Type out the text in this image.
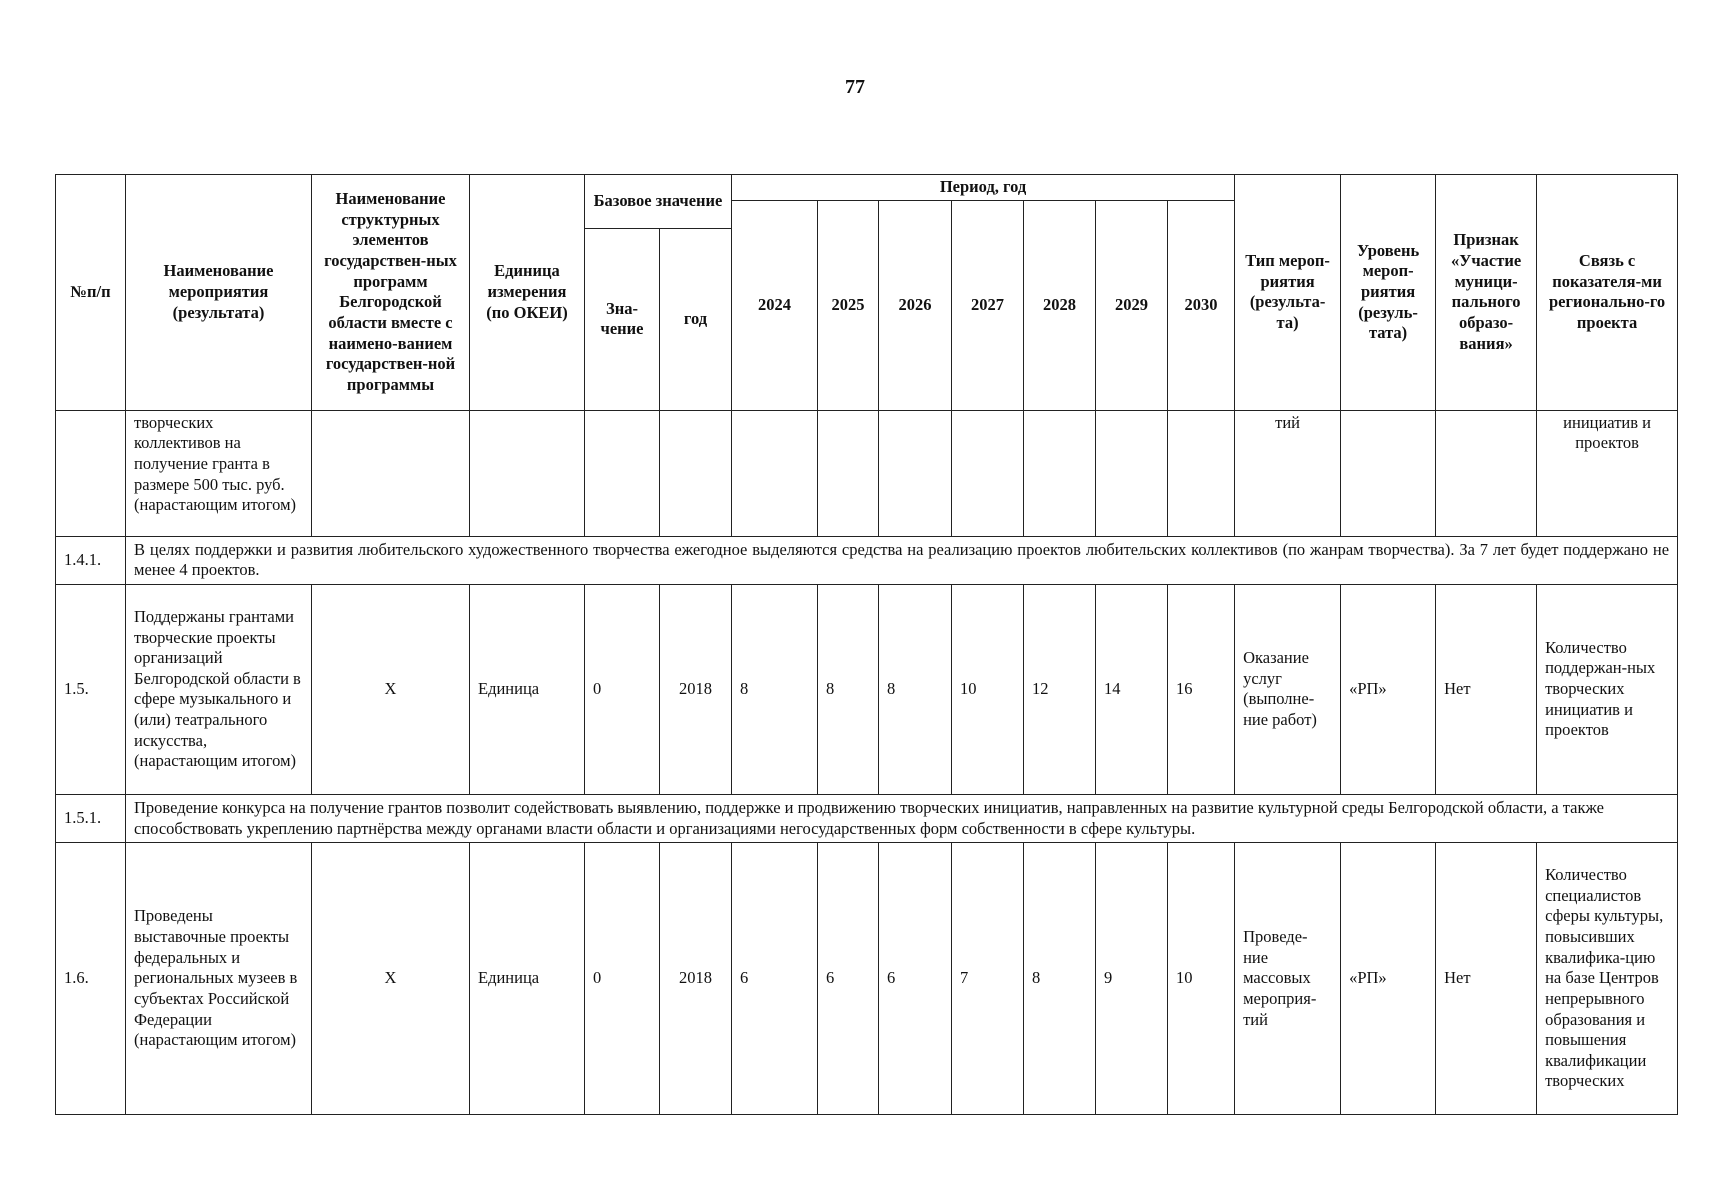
77
№п/п	Наименование мероприятия (результата)	Наименование структурных элементов государствен-ных программ Белгородской области вместе с наимено-ванием государствен-ной программы	Единица измерения (по ОКЕИ)	Базовое значение		Период, год							Тип мероп-риятия (результа-та)	Уровень мероп-риятия (резуль-тата)	Признак «Участие муници-пального образо-вания»	Связь с показателя-ми регионально-го проекта
						2024	2025	2026	2027	2028	2029	2030				
				Зна-чение	год											
	творческих коллективов на получение гранта в размере 500 тыс. руб. (нарастающим итогом)												тий			инициатив и проектов
1.4.1.	В целях поддержки и развития любительского художественного творчества ежегодное выделяются средства на реализацию проектов любительских коллективов (по жанрам творчества). За 7 лет будет поддержано не менее 4 проектов.															
1.5.	Поддержаны грантами творческие проекты организаций Белгородской области в сфере музыкального и (или) театрального искусства, (нарастающим итогом)	Х	Единица	0	2018	8	8	8	10	12	14	16	Оказание услуг (выполне-ние работ)	«РП»	Нет	Количество поддержан-ных творческих инициатив и проектов
1.5.1.	Проведение конкурса на получение грантов позволит содействовать выявлению, поддержке и продвижению творческих инициатив, направленных на развитие культурной среды Белгородской области, а также способствовать укреплению партнёрства между органами власти области и организациями негосударственных форм собственности в сфере культуры.															
1.6.	Проведены выставочные проекты федеральных и региональных музеев в субъектах Российской Федерации (нарастающим итогом)	Х	Единица	0	2018	6	6	6	7	8	9	10	Проведе-ние массовых мероприя-тий	«РП»	Нет	Количество специалистов сферы культуры, повысивших квалифика-цию на базе Центров непрерывного образования и повышения квалификации творческих
